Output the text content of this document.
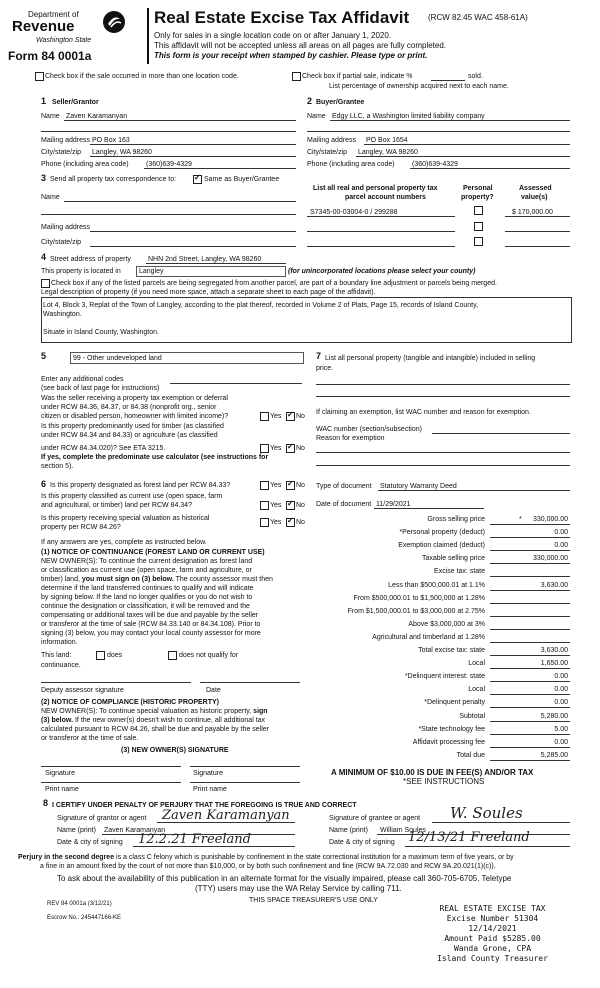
Department of
Revenue
Washington State
Form 84 0001a
Real Estate Excise Tax Affidavit (RCW 82.45 WAC 458-61A)
Only for sales in a single location code on or after January 1, 2020.
This affidavit will not be accepted unless all areas on all pages are fully completed.
This form is your receipt when stamped by cashier. Please type or print.
Check box if the sale occurred in more than one location code.	Check box if partial sale, indicate %	sold.
List percentage of ownership acquired next to each name.
1 Seller/Grantor
Name Zaven Karamanyan
Mailing address PO Box 163
City/state/zip Langley, WA 98260
Phone (including area code) (360)639-4329
2 Buyer/Grantee
Name Edgy LLC, a Washington limited liability company
Mailing address PO Box 1654
City/state/zip Langley, WA 98260
Phone (including area code) (360)639-4329
3 Send all property tax correspondence to: ✓	Same as Buyer/Grantee
Name
Mailing address
City/state/zip
List all real and personal property tax
parcel account numbers
Personal
property?
Assessed
value(s)
S7345-00-03004-0 / 299288	$ 170,000.00
4 Street address of property NHN 2nd Street, Langley, WA 98260
This property is located in	Langley	(for unincorporated locations please select your county)
Check box if any of the listed parcels are being segregated from another parcel, are part of a boundary line adjustment or parcels being merged.
Legal description of property (if you need more space, attach a separate sheet to each page of the affidavit).
Lot 4, Block 3, Replat of the Town of Langley, according to the plat thereof, recorded in Volume 2 of Plats, Page 15, records of Island County,
Washington.
Situate in Island County, Washington.
5	99 - Other undeveloped land
Enter any additional codes
(see back of last page for instructions)
Was the seller receiving a property tax exemption or deferral
under RCW 84.36, 84.37, or 84.38 (nonprofit org., senior
citizen or disabled person, homeowner with limited income)?	Yes ✓ No
Is this property predominantly used for timber (as classified
under RCW 84.34 and 84.33) or agriculture (as classified
under RCW 84.34.020)? See ETA 3215.	Yes ✓ No
If yes, complete the predominate use calculator (see instructions for
section 5).
6 Is this property designated as forest land per RCW 84.33?	Yes ✓ No
Is this property classified as current use (open space, farm
and agricultural, or timber) land per RCW 84.34?	Yes ✓ No
Is this property receiving special valuation as historical
property per RCW 84.26?
Yes ✓ No
If any answers are yes, complete as instructed below.
(1) NOTICE OF CONTINUANCE (FOREST LAND OR CURRENT USE)
NEW OWNER(S): To continue the current designation as forest land
or classification as current use (open space, farm and agriculture, or
timber) land, you must sign on (3) below. The county assessor must then
determine if the land transferred continues to qualify and will indicate
by signing below. If the land no longer qualifies or you do not wish to
continue the designation or classification, it will be removed and the
compensating or additional taxes will be due and payable by the seller
or transferor at the time of sale (RCW 84.33.140 or 84.34.108). Prior to
signing (3) below, you may contact your local county assessor for more
information.
This land:	does	does not qualify for
continuance.
Deputy assessor signature	Date
(2) NOTICE OF COMPLIANCE (HISTORIC PROPERTY)
NEW OWNER(S): To continue special valuation as historic property, sign
(3) below. If the new owner(s) doesn't wish to continue, all additional tax
calculated pursuant to RCW 84.26, shall be due and payable by the seller
or transferor at the time of sale.
(3) NEW OWNER(S) SIGNATURE
Signature	Signature
Print name	Print name
7 List all personal property (tangible and intangible) included in selling
price.
If claiming an exemption, list WAC number and reason for exemption.
WAC number (section/subsection)
Reason for exemption
Type of document Statutory Warranty Deed
Date of document 11/29/2021
Gross selling price	* 330,000.00
*Personal property (deduct)	0.00
Exemption claimed (deduct)	0.00
Taxable selling price	330,000.00
Excise tax: state
Less than $500,000.01 at 1.1%	3,630.00
From $500,000.01 to $1,500,000 at 1.28%
From $1,500,000.01 to $3,000,000 at 2.75%
Above $3,000,000 at 3%
Agricultural and timberland at 1.28%
Total excise tax: state	3,630.00
Local	1,650.00
*Delinquent interest: state	0.00
Local	0.00
*Delinquent penalty	0.00
Subtotal	5,280.00
*State technology fee	5.00
Affidavit processing fee	0.00
Total due	5,285.00
A MINIMUM OF $10.00 IS DUE IN FEE(S) AND/OR TAX
*SEE INSTRUCTIONS
8 I CERTIFY UNDER PENALTY OF PERJURY THAT THE FOREGOING IS TRUE AND CORRECT
Signature of grantor or agent Zaven Karamanyan
Name (print) Zaven Karamanyan
Date & city of signing 12.2.21 Freeland
Signature of grantee or agent W. Soules
Name (print) William Soules
Date & city of signing 12/13/21 Freeland
Perjury in the second degree is a class C felony which is punishable by confinement in the state correctional institution for a maximum term of five years, or by
a fine in an amount fixed by the court of not more than $10,000, or by both such confinement and fine (RCW 9A.72.030 and RCW 9A.20.021(1)(c)).
To ask about the availability of this publication in an alternate format for the visually impaired, please call 360-705-6705. Teletype
(TTY) users may use the WA Relay Service by calling 711.
REV 84 0001a (3/12/21)	THIS SPACE TREASURER'S USE ONLY
Escrow No.: 245447166-KE
REAL ESTATE EXCISE TAX
Excise Number 51304
12/14/2021
Amount Paid $5285.00
Wanda Grone, CPA
Island County Treasurer
